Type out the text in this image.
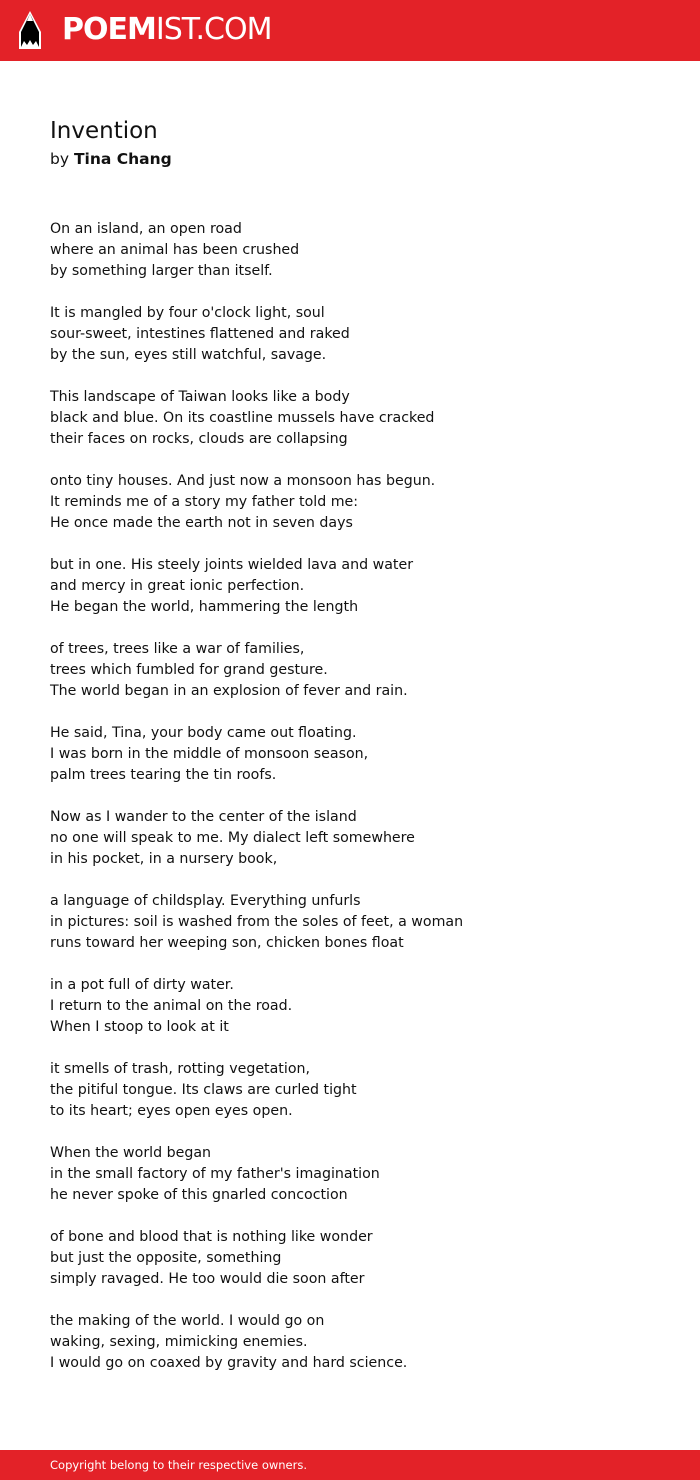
POEMIST.COM
Invention
by Tina Chang
On an island, an open road
where an animal has been crushed
by something larger than itself.
It is mangled by four o'clock light, soul
sour-sweet, intestines flattened and raked
by the sun, eyes still watchful, savage.
This landscape of Taiwan looks like a body
black and blue. On its coastline mussels have cracked
their faces on rocks, clouds are collapsing
onto tiny houses. And just now a monsoon has begun.
It reminds me of a story my father told me:
He once made the earth not in seven days
but in one. His steely joints wielded lava and water
and mercy in great ionic perfection.
He began the world, hammering the length
of trees, trees like a war of families,
trees which fumbled for grand gesture.
The world began in an explosion of fever and rain.
He said, Tina, your body came out floating.
I was born in the middle of monsoon season,
palm trees tearing the tin roofs.
Now as I wander to the center of the island
no one will speak to me. My dialect left somewhere
in his pocket, in a nursery book,
a language of childsplay. Everything unfurls
in pictures: soil is washed from the soles of feet, a woman
runs toward her weeping son, chicken bones float
in a pot full of dirty water.
I return to the animal on the road.
When I stoop to look at it
it smells of trash, rotting vegetation,
the pitiful tongue. Its claws are curled tight
to its heart; eyes open eyes open.
When the world began
in the small factory of my father's imagination
he never spoke of this gnarled concoction
of bone and blood that is nothing like wonder
but just the opposite, something
simply ravaged. He too would die soon after
the making of the world. I would go on
waking, sexing, mimicking enemies.
I would go on coaxed by gravity and hard science.
Copyright belong to their respective owners.
